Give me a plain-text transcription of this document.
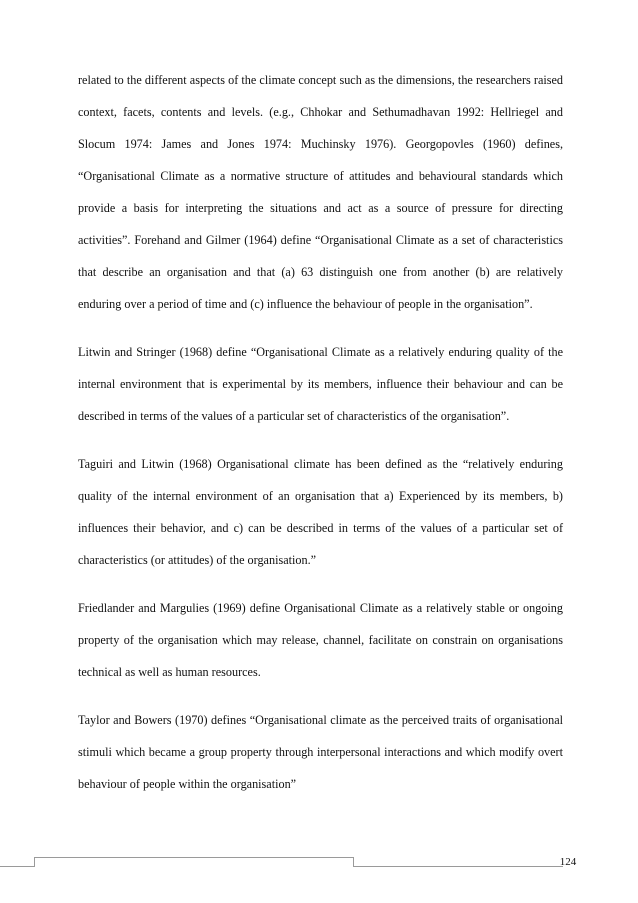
related to the different aspects of the climate concept such as the dimensions, the researchers raised context, facets, contents and levels. (e.g., Chhokar and Sethumadhavan 1992: Hellriegel and Slocum 1974: James and Jones 1974: Muchinsky 1976). Georgopovles (1960) defines, “Organisational Climate as a normative structure of attitudes and behavioural standards which provide a basis for interpreting the situations and act as a source of pressure for directing activities”. Forehand and Gilmer (1964) define “Organisational Climate as a set of characteristics that describe an organisation and that (a) 63 distinguish one from another (b) are relatively enduring over a period of time and (c) influence the behaviour of people in the organisation”.

Litwin and Stringer (1968) define “Organisational Climate as a relatively enduring quality of the internal environment that is experimental by its members, influence their behaviour and can be described in terms of the values of a particular set of characteristics of the organisation”.

Taguiri and Litwin (1968) Organisational climate has been defined as the “relatively enduring quality of the internal environment of an organisation that a) Experienced by its members, b) influences their behavior, and c) can be described in terms of the values of a particular set of characteristics (or attitudes) of the organisation.”

Friedlander and Margulies (1969) define Organisational Climate as a relatively stable or ongoing property of the organisation which may release, channel, facilitate on constrain on organisations technical as well as human resources.

Taylor and Bowers (1970) defines “Organisational climate as the perceived traits of organisational stimuli which became a group property through interpersonal interactions and which modify overt behaviour of people within the organisation”

124
